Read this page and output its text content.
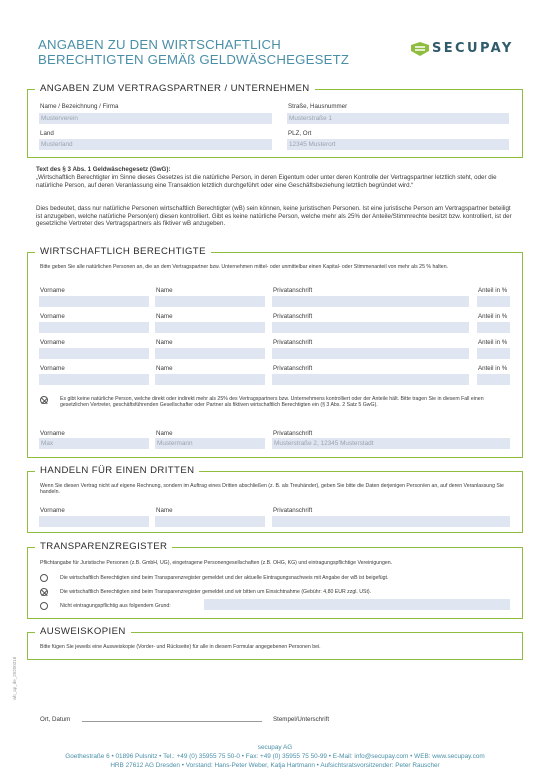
ANGABEN ZU DEN WIRTSCHAFTLICH
BERECHTIGTEN GEMÄß GELDWÄSCHEGESETZ
SECUPAY
ANGABEN ZUM VERTRAGSPARTNER / UNTERNEHMEN
Name / Bezeichnung / Firma
Musterverein
Straße, Hausnummer
Musterstraße 1
Land
Musterland
PLZ, Ort
12345 Musterort
Text des § 3 Abs. 1 Geldwäschegesetz (GwG):
„Wirtschaftlich Berechtigter im Sinne dieses Gesetzes ist die natürliche Person, in deren Eigentum oder unter deren Kontrolle der Vertragspartner letztlich steht, oder die natürliche Person, auf deren Veranlassung eine Transaktion letztlich durchgeführt oder eine Geschäftsbeziehung letztlich begründet wird.“
Dies bedeutet, dass nur natürliche Personen wirtschaftlich Berechtigter (wB) sein können, keine juristischen Personen. Ist eine juristische Person am Vertragspartner beteiligt ist anzugeben, welche natürliche Person(en) diesen kontrolliert. Gibt es keine natürliche Person, welche mehr als 25% der Anteile/Stimmrechte besitzt bzw. kontrolliert, ist der gesetzliche Vertreter des Vertragspartners als fiktiver wB anzugeben.
WIRTSCHAFTLICH BERECHTIGTE
Bitte geben Sie alle natürlichen Personen an, die an dem Vertragspartner bzw. Unternehmen mittel- oder unmittelbar einen Kapital- oder Stimmenanteil von mehr als 25 % halten.
Vorname	Name	Privatanschrift	Anteil in %
Vorname	Name	Privatanschrift	Anteil in %
Vorname	Name	Privatanschrift	Anteil in %
Vorname	Name	Privatanschrift	Anteil in %
Es gibt keine natürliche Person, welche direkt oder indirekt mehr als 25% des Vertragspartners bzw. Unternehmens kontrolliert oder der Anteile hält. Bitte tragen Sie in diesem Fall einen gesetzlichen Vertreter, geschäftsführenden Gesellschafter oder Partner als fiktiven wirtschaftlich Berechtigten ein (§ 3 Abs. 2 Satz 5 GwG).
Vorname
Max
Name
Mustermann
Privatanschrift
Musterstraße 2, 12345 Musterstadt
HANDELN FÜR EINEN DRITTEN
Wenn Sie diesen Vertrag nicht auf eigene Rechnung, sondern im Auftrag eines Dritten abschließen (z. B. als Treuhänder), geben Sie bitte die Daten derjenigen Person/en an, auf deren Veranlassung Sie handeln.
Vorname	Name	Privatanschrift
TRANSPARENZREGISTER
Pflichtangabe für Juristische Personen (z.B. GmbH, UG), eingetragene Personengesellschaften (z.B. OHG, KG) und eintragungspflichtige Vereinigungen.
Die wirtschaftlich Berechtigten sind beim Transparenzregister gemeldet und der aktuelle Eintragungsnachweis mit Angabe der wB ist beigefügt.
Die wirtschaftlich Berechtigten sind beim Transparenzregister gemeldet und wir bitten um Einsichtnahme (Gebühr: 4,80 EUR zzgl. USt).
Nicht eintragungspflichtig aus folgendem Grund:
AUSWEISKOPIEN
Bitte fügen Sie jeweils eine Ausweiskopie (Vorder- und Rückseite) für alle in diesem Formular angegebenen Personen bei.
Ort, Datum	Stempel/Unterschrift
wb_ap_de_20200318
secupay AG
Goethestraße 6 • 01896 Pulsnitz • Tel.: +49 (0) 35955 75 50-0 • Fax: +49 (0) 35955 75 50-99 • E-Mail: info@secupay.com • WEB: www.secupay.com
HRB 27612 AG Dresden • Vorstand: Hans-Peter Weber, Katja Hartmann • Aufsichtsratsvorsitzender: Peter Rauscher
